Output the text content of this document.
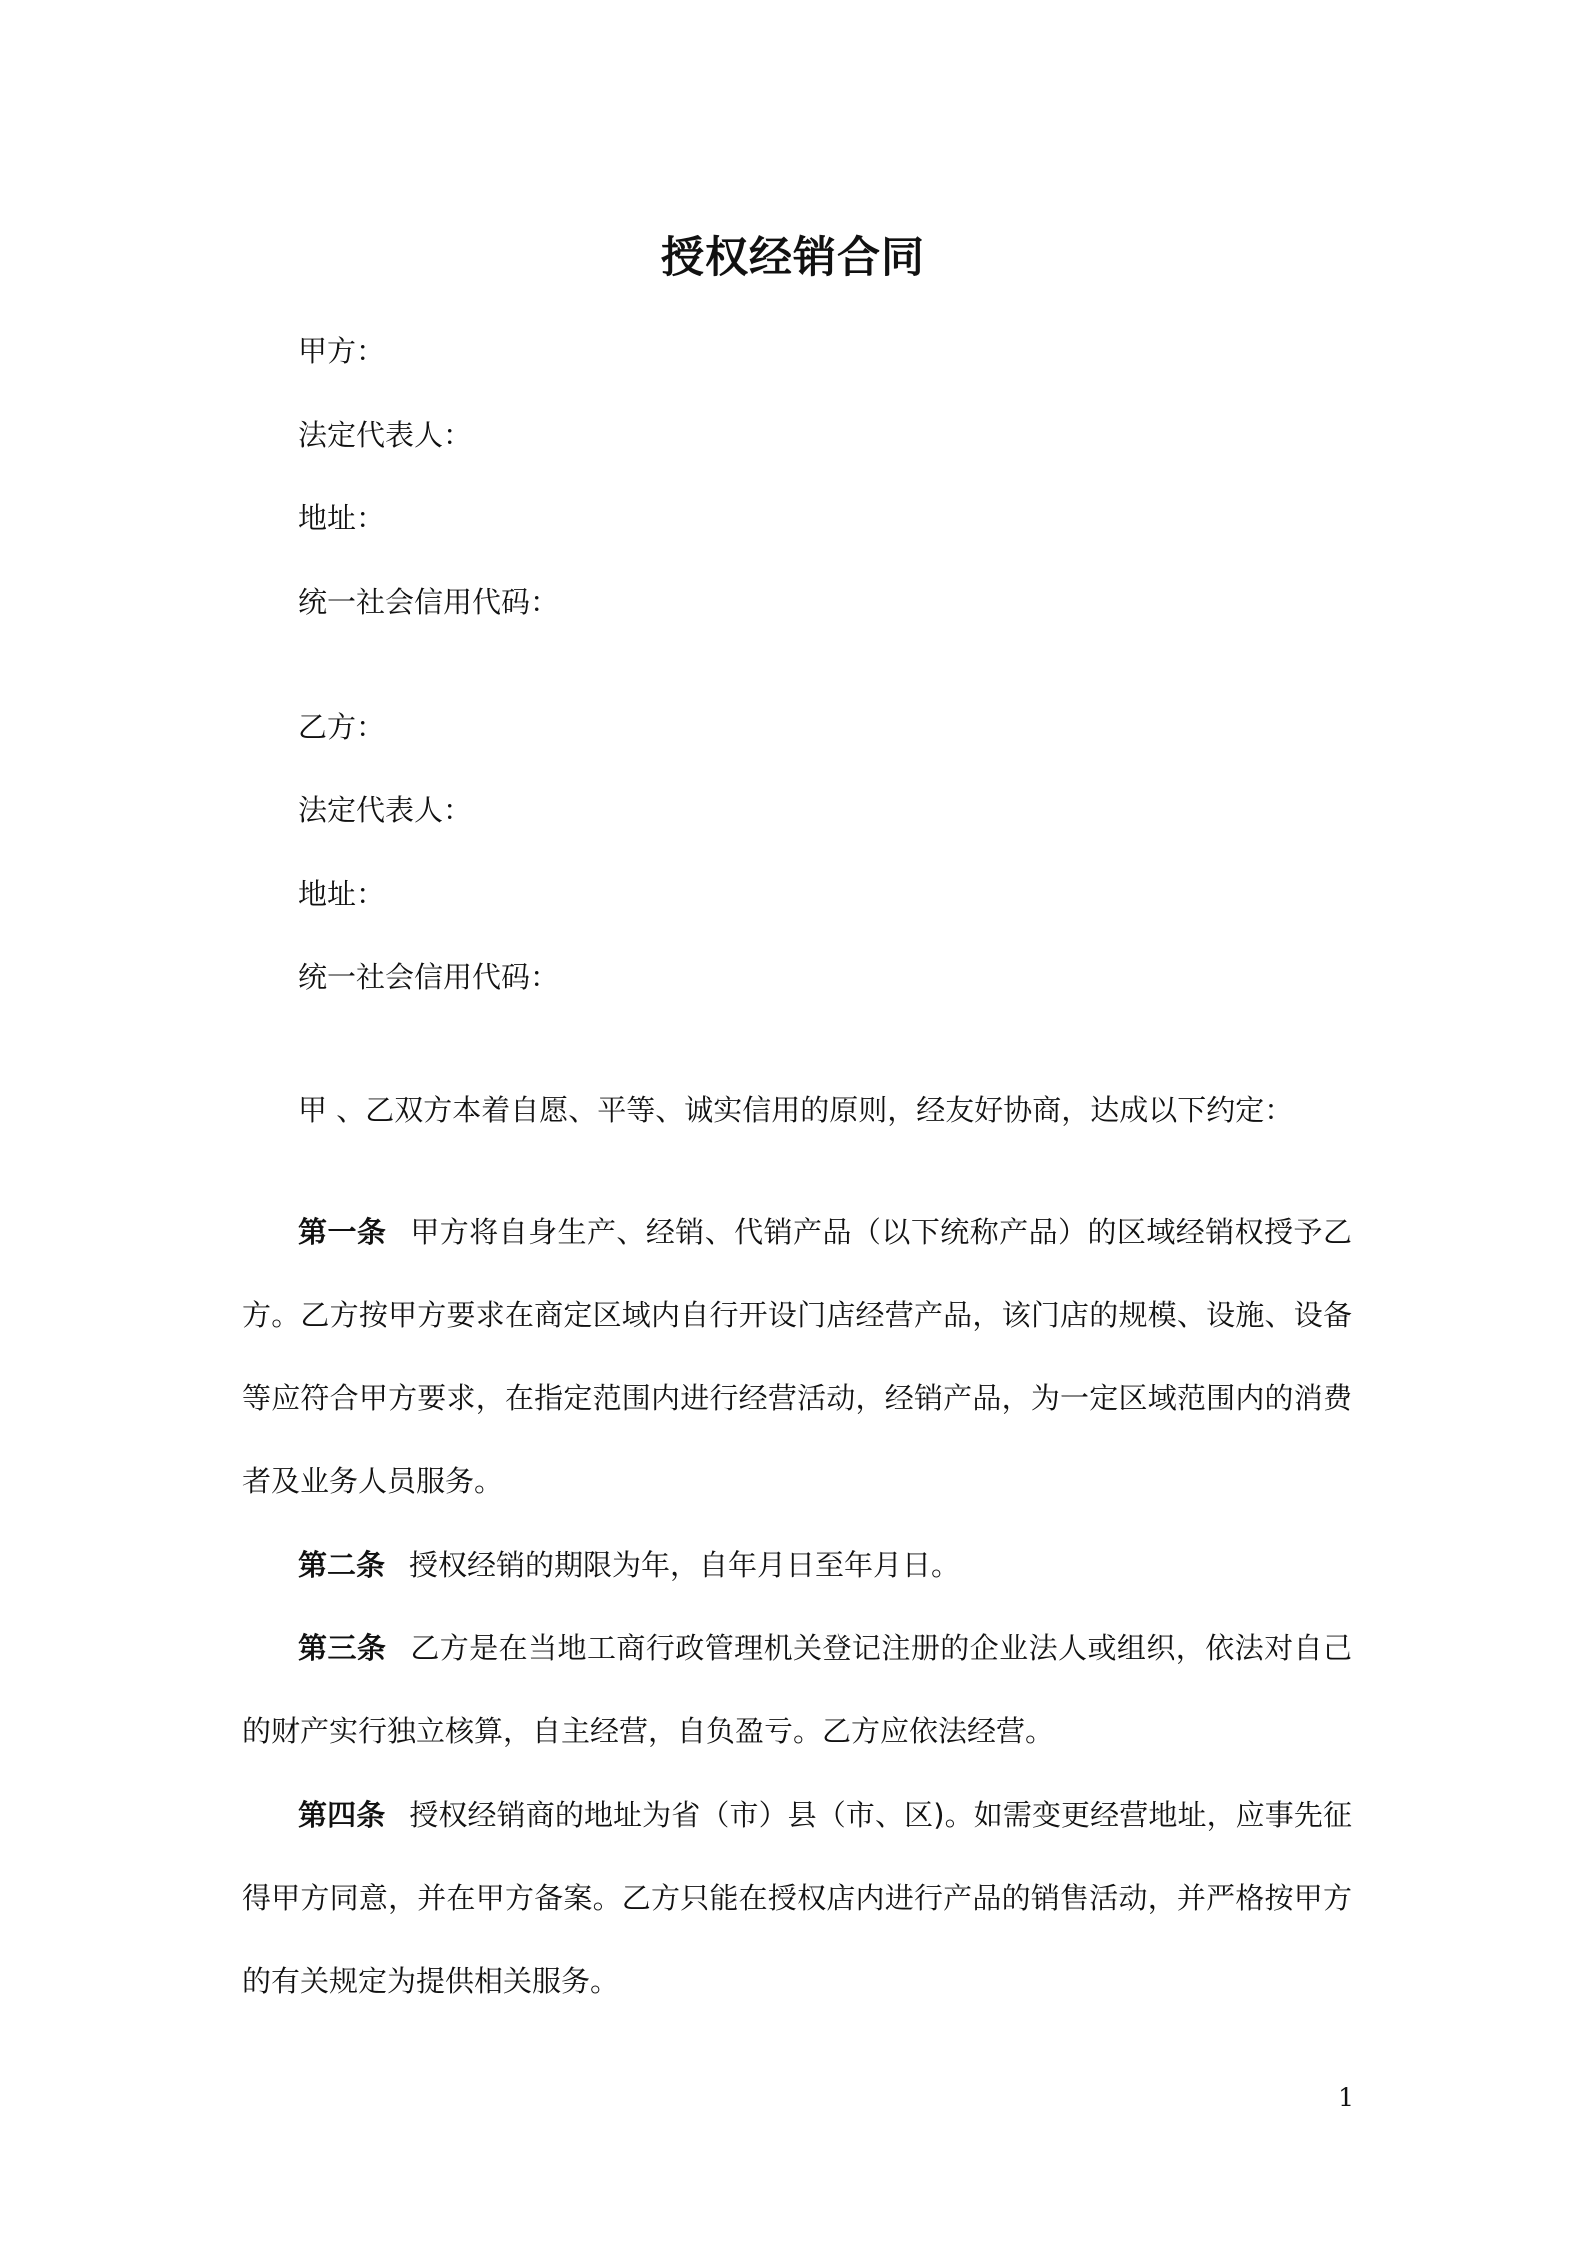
授权经销合同
甲方：
法定代表人：
地址：
统一社会信用代码：
乙方：
法定代表人：
地址：
统一社会信用代码：
甲 、乙双方本着自愿、平等、诚实信用的原则，经友好协商，达成以下约定：
第一条 甲方将自身生产、经销、代销产品（以下统称产品）的区域经销权授予乙方。乙方按甲方要求在商定区域内自行开设门店经营产品，该门店的规模、设施、设备等应符合甲方要求，在指定范围内进行经营活动，经销产品，为一定区域范围内的消费者及业务人员服务。
第二条 授权经销的期限为年，自年月日至年月日。
第三条 乙方是在当地工商行政管理机关登记注册的企业法人或组织，依法对自己的财产实行独立核算，自主经营，自负盈亏。乙方应依法经营。
第四条 授权经销商的地址为省（市）县（市、区)。如需变更经营地址，应事先征得甲方同意，并在甲方备案。乙方只能在授权店内进行产品的销售活动，并严格按甲方的有关规定为提供相关服务。
1
